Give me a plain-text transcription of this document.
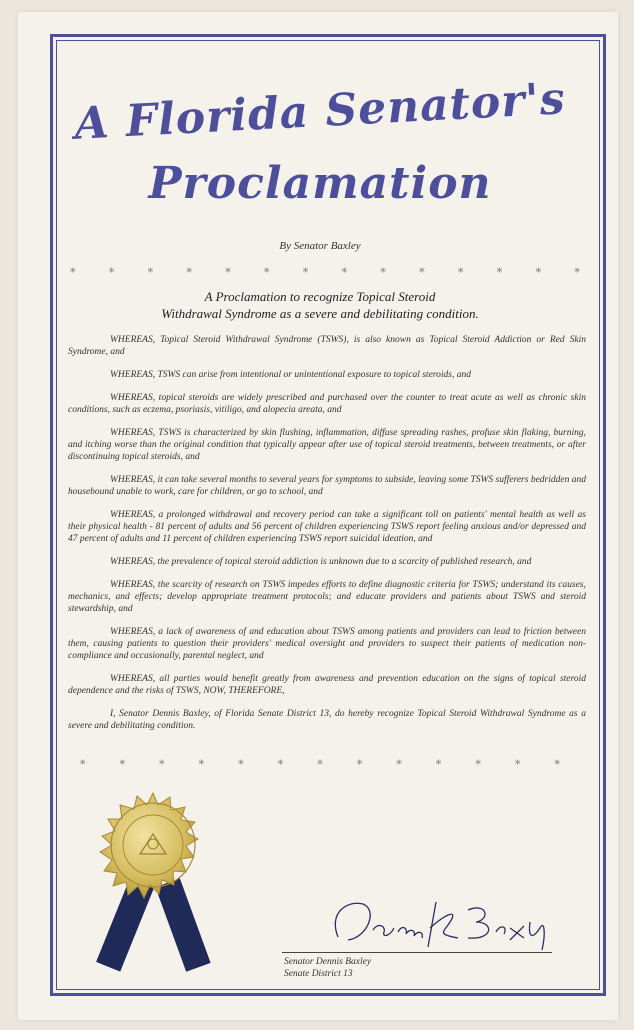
A Florida Senator's
Proclamation
By Senator Baxley
*	*	*	*	*	*	*	*	*	*	*	*	*	*
A Proclamation to recognize Topical Steroid
Withdrawal Syndrome as a severe and debilitating condition.

WHEREAS, Topical Steroid Withdrawal Syndrome (TSWS), is also known as Topical Steroid Addiction or Red Skin Syndrome, and

WHEREAS, TSWS can arise from intentional or unintentional exposure to topical steroids, and

WHEREAS, topical steroids are widely prescribed and purchased over the counter to treat acute as well as chronic skin conditions, such as eczema, psoriasis, vitiligo, and alopecia areata, and

WHEREAS, TSWS is characterized by skin flushing, inflammation, diffuse spreading rashes, profuse skin flaking, burning, and itching worse than the original condition that typically appear after use of topical steroid treatments, between treatments, or after discontinuing topical steroids, and

WHEREAS, it can take several months to several years for symptoms to subside, leaving some TSWS sufferers bedridden and housebound unable to work, care for children, or go to school, and

WHEREAS, a prolonged withdrawal and recovery period can take a significant toll on patients' mental health as well as their physical health - 81 percent of adults and 56 percent of children experiencing TSWS report feeling anxious and/or depressed and 47 percent of adults and 11 percent of children experiencing TSWS report suicidal ideation, and

WHEREAS, the prevalence of topical steroid addiction is unknown due to a scarcity of published research, and

WHEREAS, the scarcity of research on TSWS impedes efforts to define diagnostic criteria for TSWS; understand its causes, mechanics, and effects; develop appropriate treatment protocols; and educate providers and patients about TSWS and steroid stewardship, and

WHEREAS, a lack of awareness of and education about TSWS among patients and providers can lead to friction between them, causing patients to question their providers' medical oversight and providers to suspect their patients of medication non-compliance and occasionally, parental neglect, and

WHEREAS, all parties would benefit greatly from awareness and prevention education on the signs of topical steroid dependence and the risks of TSWS, NOW, THEREFORE,

I, Senator Dennis Baxley, of Florida Senate District 13, do hereby recognize Topical Steroid Withdrawal Syndrome as a severe and debilitating condition.

*	*	*	*	*	*	*	*	*	*	*	*	*
Senator Dennis Baxley
Senate District 13
